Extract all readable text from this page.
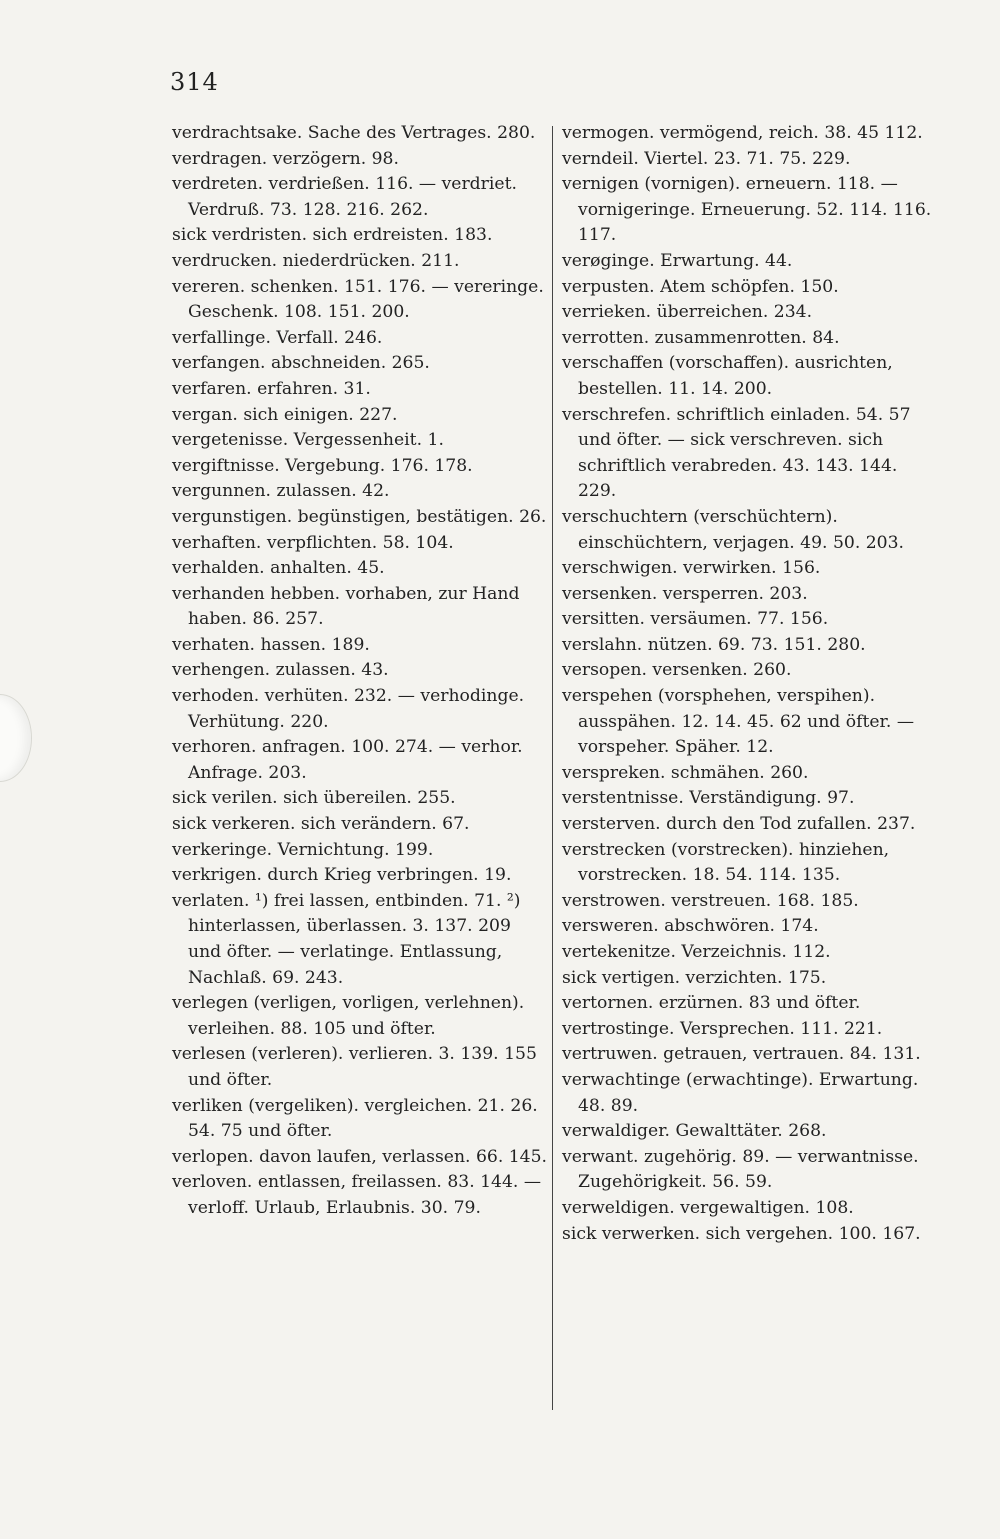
314
verdrachtsake. Sache des Vertrages. 280.
verdragen. verzögern. 98.
verdreten. verdrießen. 116. — verdriet. Verdruß. 73. 128. 216. 262.
sick verdristen. sich erdreisten. 183.
verdrucken. niederdrücken. 211.
vereren. schenken. 151. 176. — vereringe. Geschenk. 108. 151. 200.
verfallinge. Verfall. 246.
verfangen. abschneiden. 265.
verfaren. erfahren. 31.
vergan. sich einigen. 227.
vergetenisse. Vergessenheit. 1.
vergiftnisse. Vergebung. 176. 178.
vergunnen. zulassen. 42.
vergunstigen. begünstigen, bestätigen. 26.
verhaften. verpflichten. 58. 104.
verhalden. anhalten. 45.
verhanden hebben. vorhaben, zur Hand haben. 86. 257.
verhaten. hassen. 189.
verhengen. zulassen. 43.
verhoden. verhüten. 232. — verhodinge. Verhütung. 220.
verhoren. anfragen. 100. 274. — verhor. Anfrage. 203.
sick verilen. sich übereilen. 255.
sick verkeren. sich verändern. 67.
verkeringe. Vernichtung. 199.
verkrigen. durch Krieg verbringen. 19.
verlaten. ¹) frei lassen, entbinden. 71. ²) hinterlassen, überlassen. 3. 137. 209 und öfter. — verlatinge. Entlassung, Nachlaß. 69. 243.
verlegen (verligen, vorligen, verlehnen). verleihen. 88. 105 und öfter.
verlesen (verleren). verlieren. 3. 139. 155 und öfter.
verliken (vergeliken). vergleichen. 21. 26. 54. 75 und öfter.
verlopen. davon laufen, verlassen. 66. 145.
verloven. entlassen, freilassen. 83. 144. — verloff. Urlaub, Erlaubnis. 30. 79.
vermogen. vermögend, reich. 38. 45 112.
verndeil. Viertel. 23. 71. 75. 229.
vernigen (vornigen). erneuern. 118. — vornigeringe. Erneuerung. 52. 114. 116. 117.
verøginge. Erwartung. 44.
verpusten. Atem schöpfen. 150.
verrieken. überreichen. 234.
verrotten. zusammenrotten. 84.
verschaffen (vorschaffen). ausrichten, bestellen. 11. 14. 200.
verschrefen. schriftlich einladen. 54. 57 und öfter. — sick verschreven. sich schriftlich verabreden. 43. 143. 144. 229.
verschuchtern (verschüchtern). einschüchtern, verjagen. 49. 50. 203.
verschwigen. verwirken. 156.
versenken. versperren. 203.
versitten. versäumen. 77. 156.
verslahn. nützen. 69. 73. 151. 280.
versopen. versenken. 260.
verspehen (vorsphehen, verspihen). ausspähen. 12. 14. 45. 62 und öfter. — vorspeher. Späher. 12.
verspreken. schmähen. 260.
verstentnisse. Verständigung. 97.
versterven. durch den Tod zufallen. 237.
verstrecken (vorstrecken). hinziehen, vorstrecken. 18. 54. 114. 135.
verstrowen. verstreuen. 168. 185.
versweren. abschwören. 174.
vertekenitze. Verzeichnis. 112.
sick vertigen. verzichten. 175.
vertornen. erzürnen. 83 und öfter.
vertrostinge. Versprechen. 111. 221.
vertruwen. getrauen, vertrauen. 84. 131.
verwachtinge (erwachtinge). Erwartung. 48. 89.
verwaldiger. Gewalttäter. 268.
verwant. zugehörig. 89. — verwantnisse. Zugehörigkeit. 56. 59.
verweldigen. vergewaltigen. 108.
sick verwerken. sich vergehen. 100. 167.
